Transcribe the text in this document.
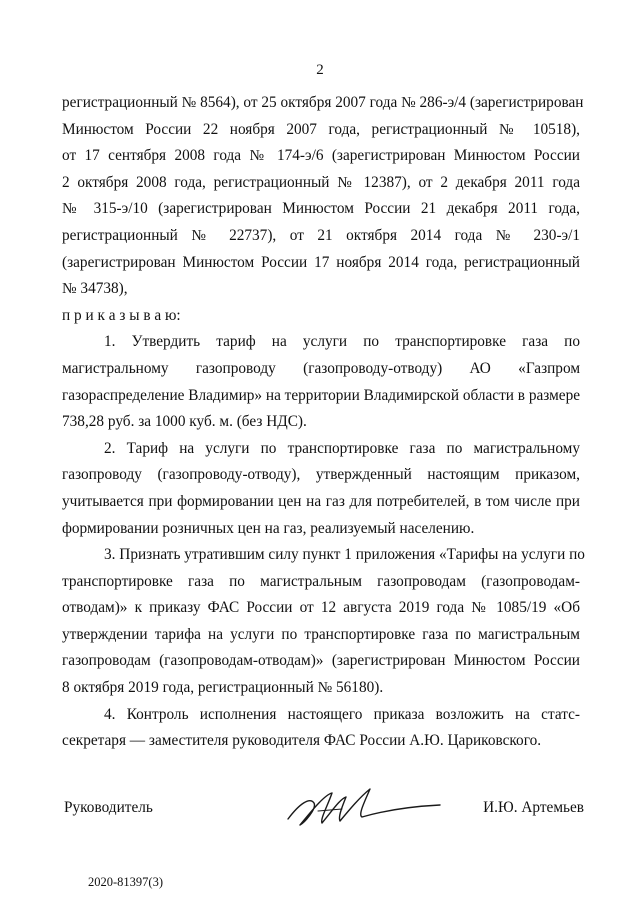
2
регистрационный № 8564), от 25 октября 2007 года № 286-э/4 (зарегистрирован
Минюстом России 22 ноября 2007 года, регистрационный № 10518),
от 17 сентября 2008 года № 174-э/6 (зарегистрирован Минюстом России
2 октября 2008 года, регистрационный № 12387), от 2 декабря 2011 года
№ 315-э/10 (зарегистрирован Минюстом России 21 декабря 2011 года,
регистрационный № 22737), от 21 октября 2014 года № 230-э/1
(зарегистрирован Минюстом России 17 ноября 2014 года, регистрационный
№ 34738),
п р и к а з ы в а ю:
1. Утвердить тариф на услуги по транспортировке газа по
магистральному газопроводу (газопроводу-отводу) АО «Газпром
газораспределение Владимир» на территории Владимирской области в размере
738,28 руб. за 1000 куб. м. (без НДС).
2. Тариф на услуги по транспортировке газа по магистральному
газопроводу (газопроводу-отводу), утвержденный настоящим приказом,
учитывается при формировании цен на газ для потребителей, в том числе при
формировании розничных цен на газ, реализуемый населению.
3. Признать утратившим силу пункт 1 приложения «Тарифы на услуги по
транспортировке газа по магистральным газопроводам (газопроводам-
отводам)» к приказу ФАС России от 12 августа 2019 года № 1085/19 «Об
утверждении тарифа на услуги по транспортировке газа по магистральным
газопроводам (газопроводам-отводам)» (зарегистрирован Минюстом России
8 октября 2019 года, регистрационный № 56180).
4. Контроль исполнения настоящего приказа возложить на статс-
секретаря — заместителя руководителя ФАС России А.Ю. Цариковского.
Руководитель	И.Ю. Артемьев
2020-81397(3)
